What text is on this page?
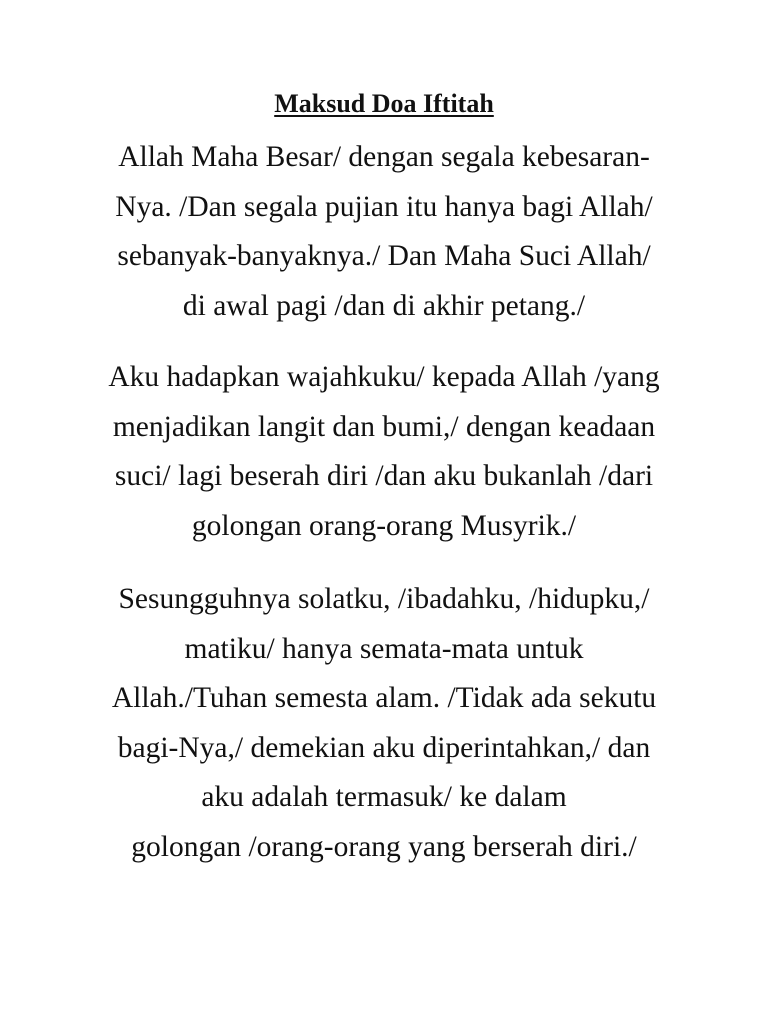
Maksud Doa Iftitah
Allah Maha Besar/ dengan segala kebesaran-
Nya. /Dan segala pujian itu hanya bagi Allah/
sebanyak-banyaknya./ Dan Maha Suci Allah/
di awal pagi /dan di akhir petang./
Aku hadapkan wajahkuku/ kepada Allah /yang
menjadikan langit dan bumi,/ dengan keadaan
suci/ lagi beserah diri /dan aku bukanlah /dari
golongan orang-orang Musyrik./
Sesungguhnya solatku, /ibadahku, /hidupku,/
matiku/ hanya semata-mata untuk
Allah./Tuhan semesta alam. /Tidak ada sekutu
bagi-Nya,/ demekian aku diperintahkan,/ dan
aku adalah termasuk/ ke dalam
golongan /orang-orang yang berserah diri./
